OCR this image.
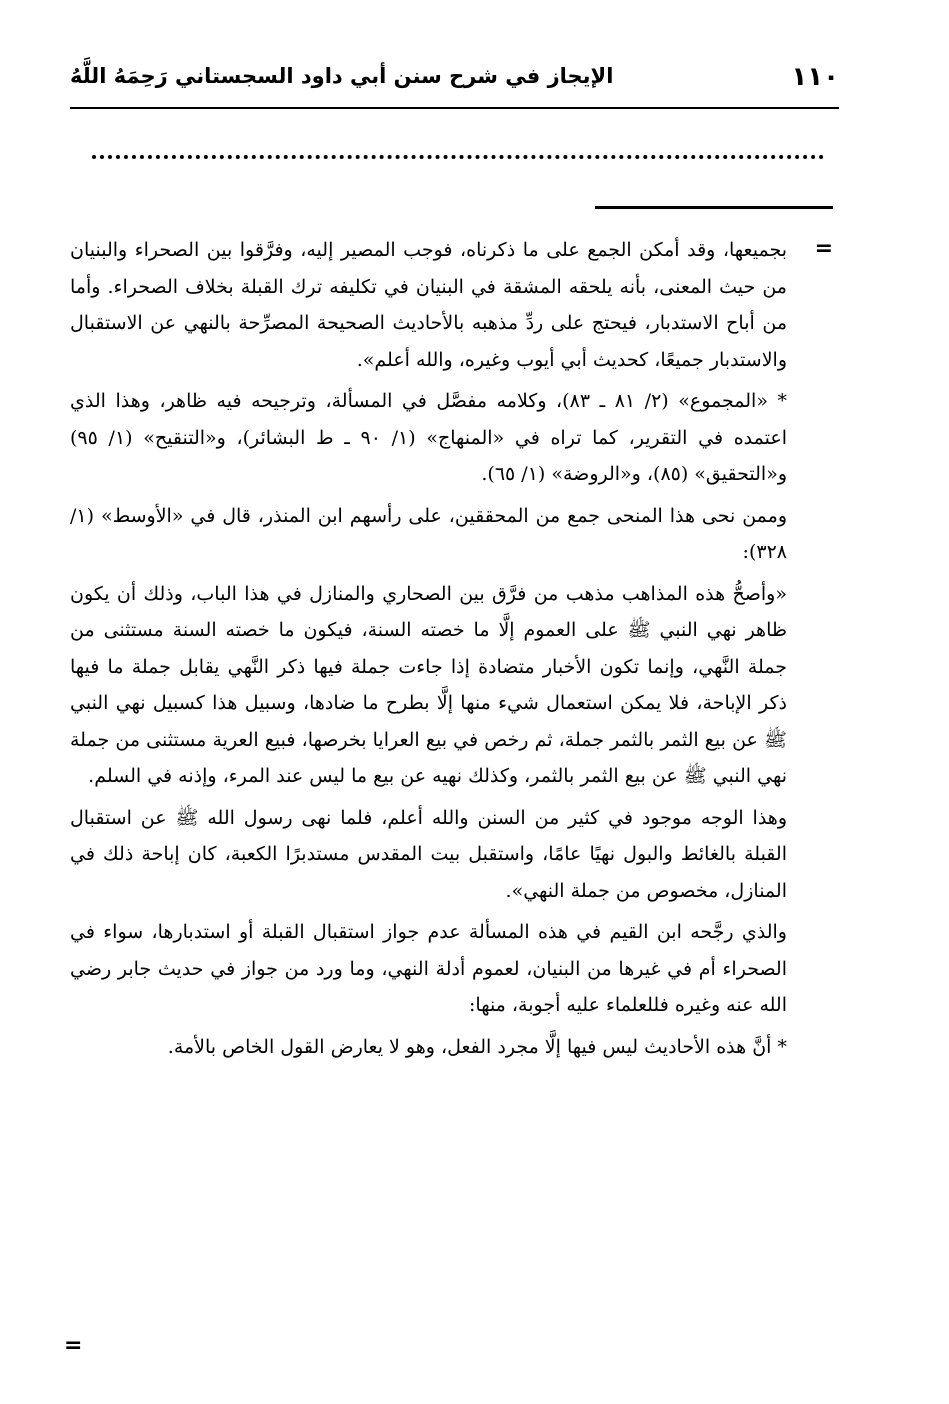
١١٠
الإيجاز في شرح سنن أبي داود السجستاني رَحِمَهُ اللَّهُ
=

بجميعها، وقد أمكن الجمع على ما ذكرناه، فوجب المصير إليه، وفرَّقوا بين الصحراء والبنيان من حيث المعنى، بأنه يلحقه المشقة في البنيان في تكليفه ترك القبلة بخلاف الصحراء. وأما من أباح الاستدبار، فيحتج على ردِّ مذهبه بالأحاديث الصحيحة المصرِّحة بالنهي عن الاستقبال والاستدبار جميعًا، كحديث أبي أيوب وغيره، والله أعلم».

* «المجموع» (٢/ ٨١ ـ ٨٣)، وكلامه مفصَّل في المسألة، وترجيحه فيه ظاهر، وهذا الذي اعتمده في التقرير، كما تراه في «المنهاج» (١/ ٩٠ ـ ط البشائر)، و«التنقيح» (١/ ٩٥) و«التحقيق» (٨٥)، و«الروضة» (١/ ٦٥).

وممن نحى هذا المنحى جمع من المحققين، على رأسهم ابن المنذر، قال في «الأوسط» (١/ ٣٢٨):

«وأصحُّ هذه المذاهب مذهب من فرَّق بين الصحاري والمنازل في هذا الباب، وذلك أن يكون ظاهر نهي النبي ﷺ على العموم إلَّا ما خصته السنة، فيكون ما خصته السنة مستثنى من جملة النَّهي، وإنما تكون الأخبار متضادة إذا جاءت جملة فيها ذكر النَّهي يقابل جملة ما فيها ذكر الإباحة، فلا يمكن استعمال شيء منها إلَّا بطرح ما ضادها، وسبيل هذا كسبيل نهي النبي ﷺ عن بيع الثمر بالثمر جملة، ثم رخص في بيع العرايا بخرصها، فبيع العرية مستثنى من جملة نهي النبي ﷺ عن بيع الثمر بالثمر، وكذلك نهيه عن بيع ما ليس عند المرء، وإذنه في السلم.

وهذا الوجه موجود في كثير من السنن والله أعلم، فلما نهى رسول الله ﷺ عن استقبال القبلة بالغائط والبول نهيًا عامًا، واستقبل بيت المقدس مستدبرًا الكعبة، كان إباحة ذلك في المنازل، مخصوص من جملة النهي».

والذي رجَّحه ابن القيم في هذه المسألة عدم جواز استقبال القبلة أو استدبارها، سواء في الصحراء أم في غيرها من البنيان، لعموم أدلة النهي، وما ورد من جواز في حديث جابر رضي الله عنه وغيره فللعلماء عليه أجوبة، منها:

* أنَّ هذه الأحاديث ليس فيها إلَّا مجرد الفعل، وهو لا يعارض القول الخاص بالأمة.

=
